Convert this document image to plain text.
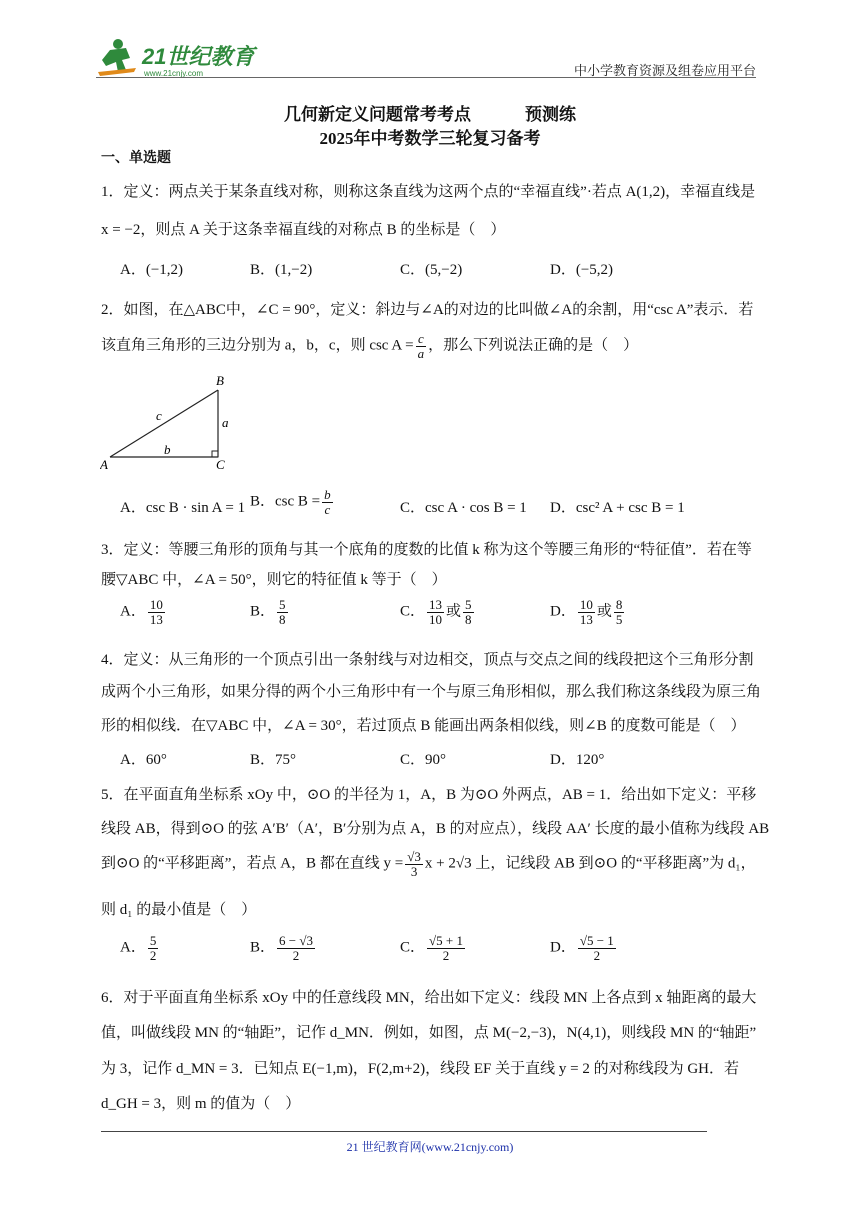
21世纪教育
www.21cnjy.com	中小学教育资源及组卷应用平台
几何新定义问题常考考点	预测练
2025年中考数学三轮复习备考
一、单选题
1．定义：两点关于某条直线对称，则称这条直线为这两个点的“幸福直线”·若点 A(1,2)，幸福直线是
x = −2，则点 A 关于这条幸福直线的对称点 B 的坐标是（　）
A．(−1,2)	B．(1,−2)	C．(5,−2)	D．(−5,2)
2．如图，在△ABC中，∠C = 90°，定义：斜边与∠A的对边的比叫做∠A的余割，用“csc A”表示．若
该直角三角形的三边分别为 a，b，c，则 $\csc A = \frac{c}{a}$ ，那么下列说法正确的是（　）
A
B
C
a
b
c
A．csc B · sin A = 1 B．$\csc B = \frac{b}{c}$	C．csc A · cos B = 1 D．csc² A + csc B = 1
3．定义：等腰三角形的顶角与其一个底角的度数的比值 k 称为这个等腰三角形的“特征值”．若在等
腰▽ABC 中，∠A = 50°，则它的特征值 k 等于（　）
A． $\frac{10}{13}$	B． $\frac{5}{8}$	C． $\frac{13}{10}$ 或 $\frac{5}{8}$	D． $\frac{10}{13}$ 或 $\frac{8}{5}$
4．定义：从三角形的一个顶点引出一条射线与对边相交，顶点与交点之间的线段把这个三角形分割
成两个小三角形，如果分得的两个小三角形中有一个与原三角形相似，那么我们称这条线段为原三角
形的相似线．在▽ABC 中，∠A = 30°，若过顶点 B 能画出两条相似线，则∠B 的度数可能是（　）
A．60°	B．75°	C．90°	D．120°
5．在平面直角坐标系 xOy 中，⊙O 的半径为 1，A，B 为⊙O 外两点，AB = 1．给出如下定义：平移
线段 AB，得到⊙O 的弦 A′B′（A′，B′分别为点 A，B 的对应点），线段 AA′ 长度的最小值称为线段 AB
到⊙O 的“平移距离”，若点 A，B 都在直线 $y = \frac{√3}{3}$ x + 2√3 上，记线段 AB 到⊙O 的“平移距离”为 d₁，
则 d₁ 的最小值是（　）
A． $\frac{5}{2}$	B． $\frac{6 - √3}{2}$	C． $\frac{√5 + 1}{2}$	D． $\frac{√5 - 1}{2}$
6．对于平面直角坐标系 xOy 中的任意线段 MN，给出如下定义：线段 MN 上各点到 x 轴距离的最大
值，叫做线段 MN 的“轴距”，记作 d_MN．例如，如图，点 M(−2,−3)，N(4,1)，则线段 MN 的“轴距”
为 3，记作 d_MN = 3．已知点 E(−1,m)，F(2,m+2)，线段 EF 关于直线 y = 2 的对称线段为 GH．若
d_GH = 3，则 m 的值为（　）
21 世纪教育网(www.21cnjy.com)
